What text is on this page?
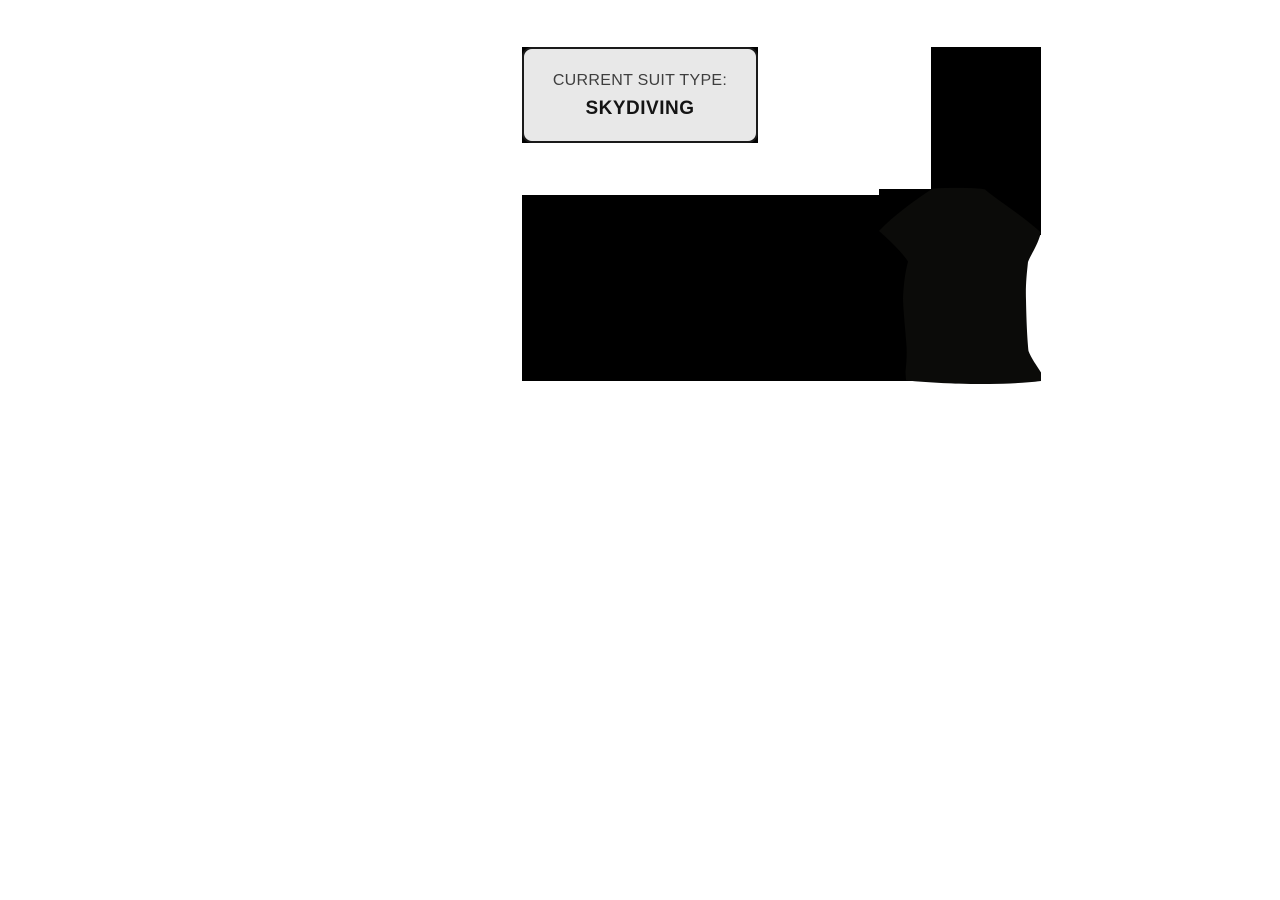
CURRENT SUIT TYPE:
SKYDIVING
